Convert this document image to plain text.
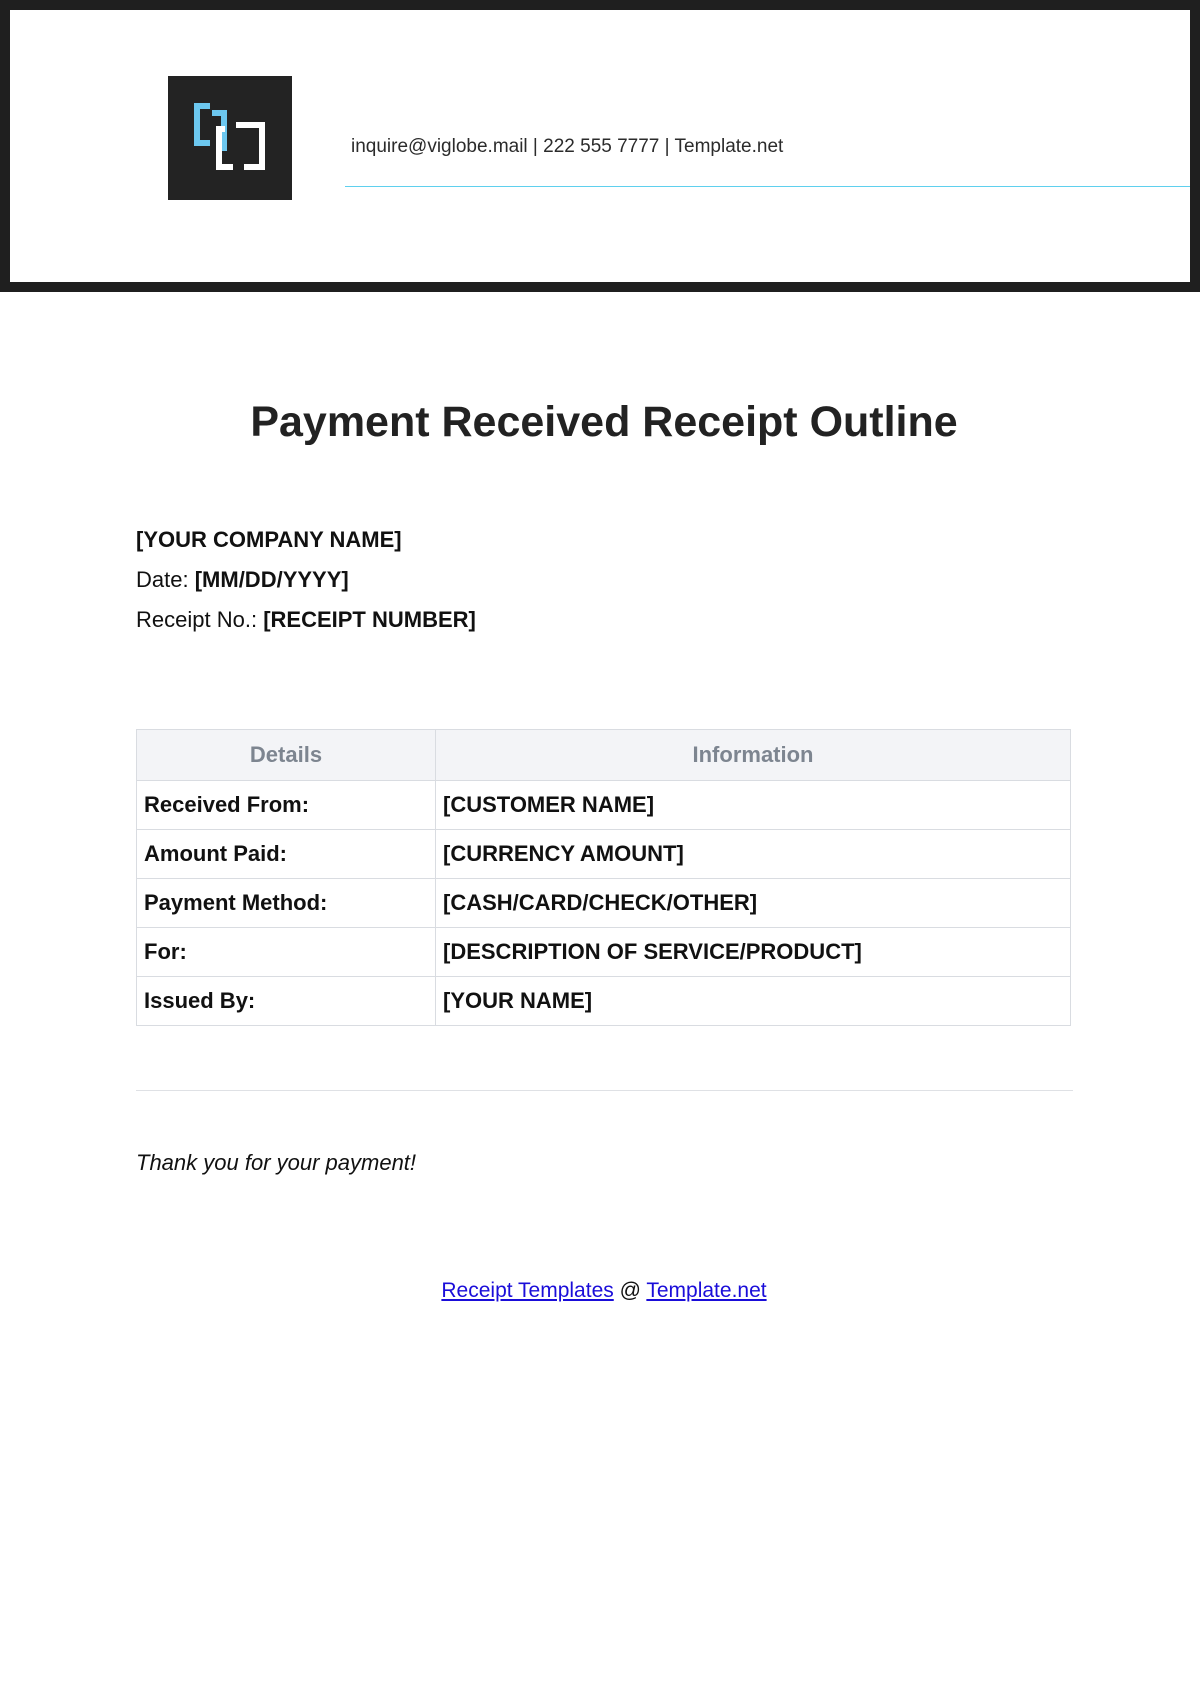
inquire@viglobe.mail | 222 555 7777 | Template.net
Payment Received Receipt Outline
[YOUR COMPANY NAME]
Date: [MM/DD/YYYY]
Receipt No.: [RECEIPT NUMBER]
Details	Information
Received From:	[CUSTOMER NAME]
Amount Paid:	[CURRENCY AMOUNT]
Payment Method:	[CASH/CARD/CHECK/OTHER]
For:	[DESCRIPTION OF SERVICE/PRODUCT]
Issued By:	[YOUR NAME]
Thank you for your payment!
Receipt Templates @ Template.net
